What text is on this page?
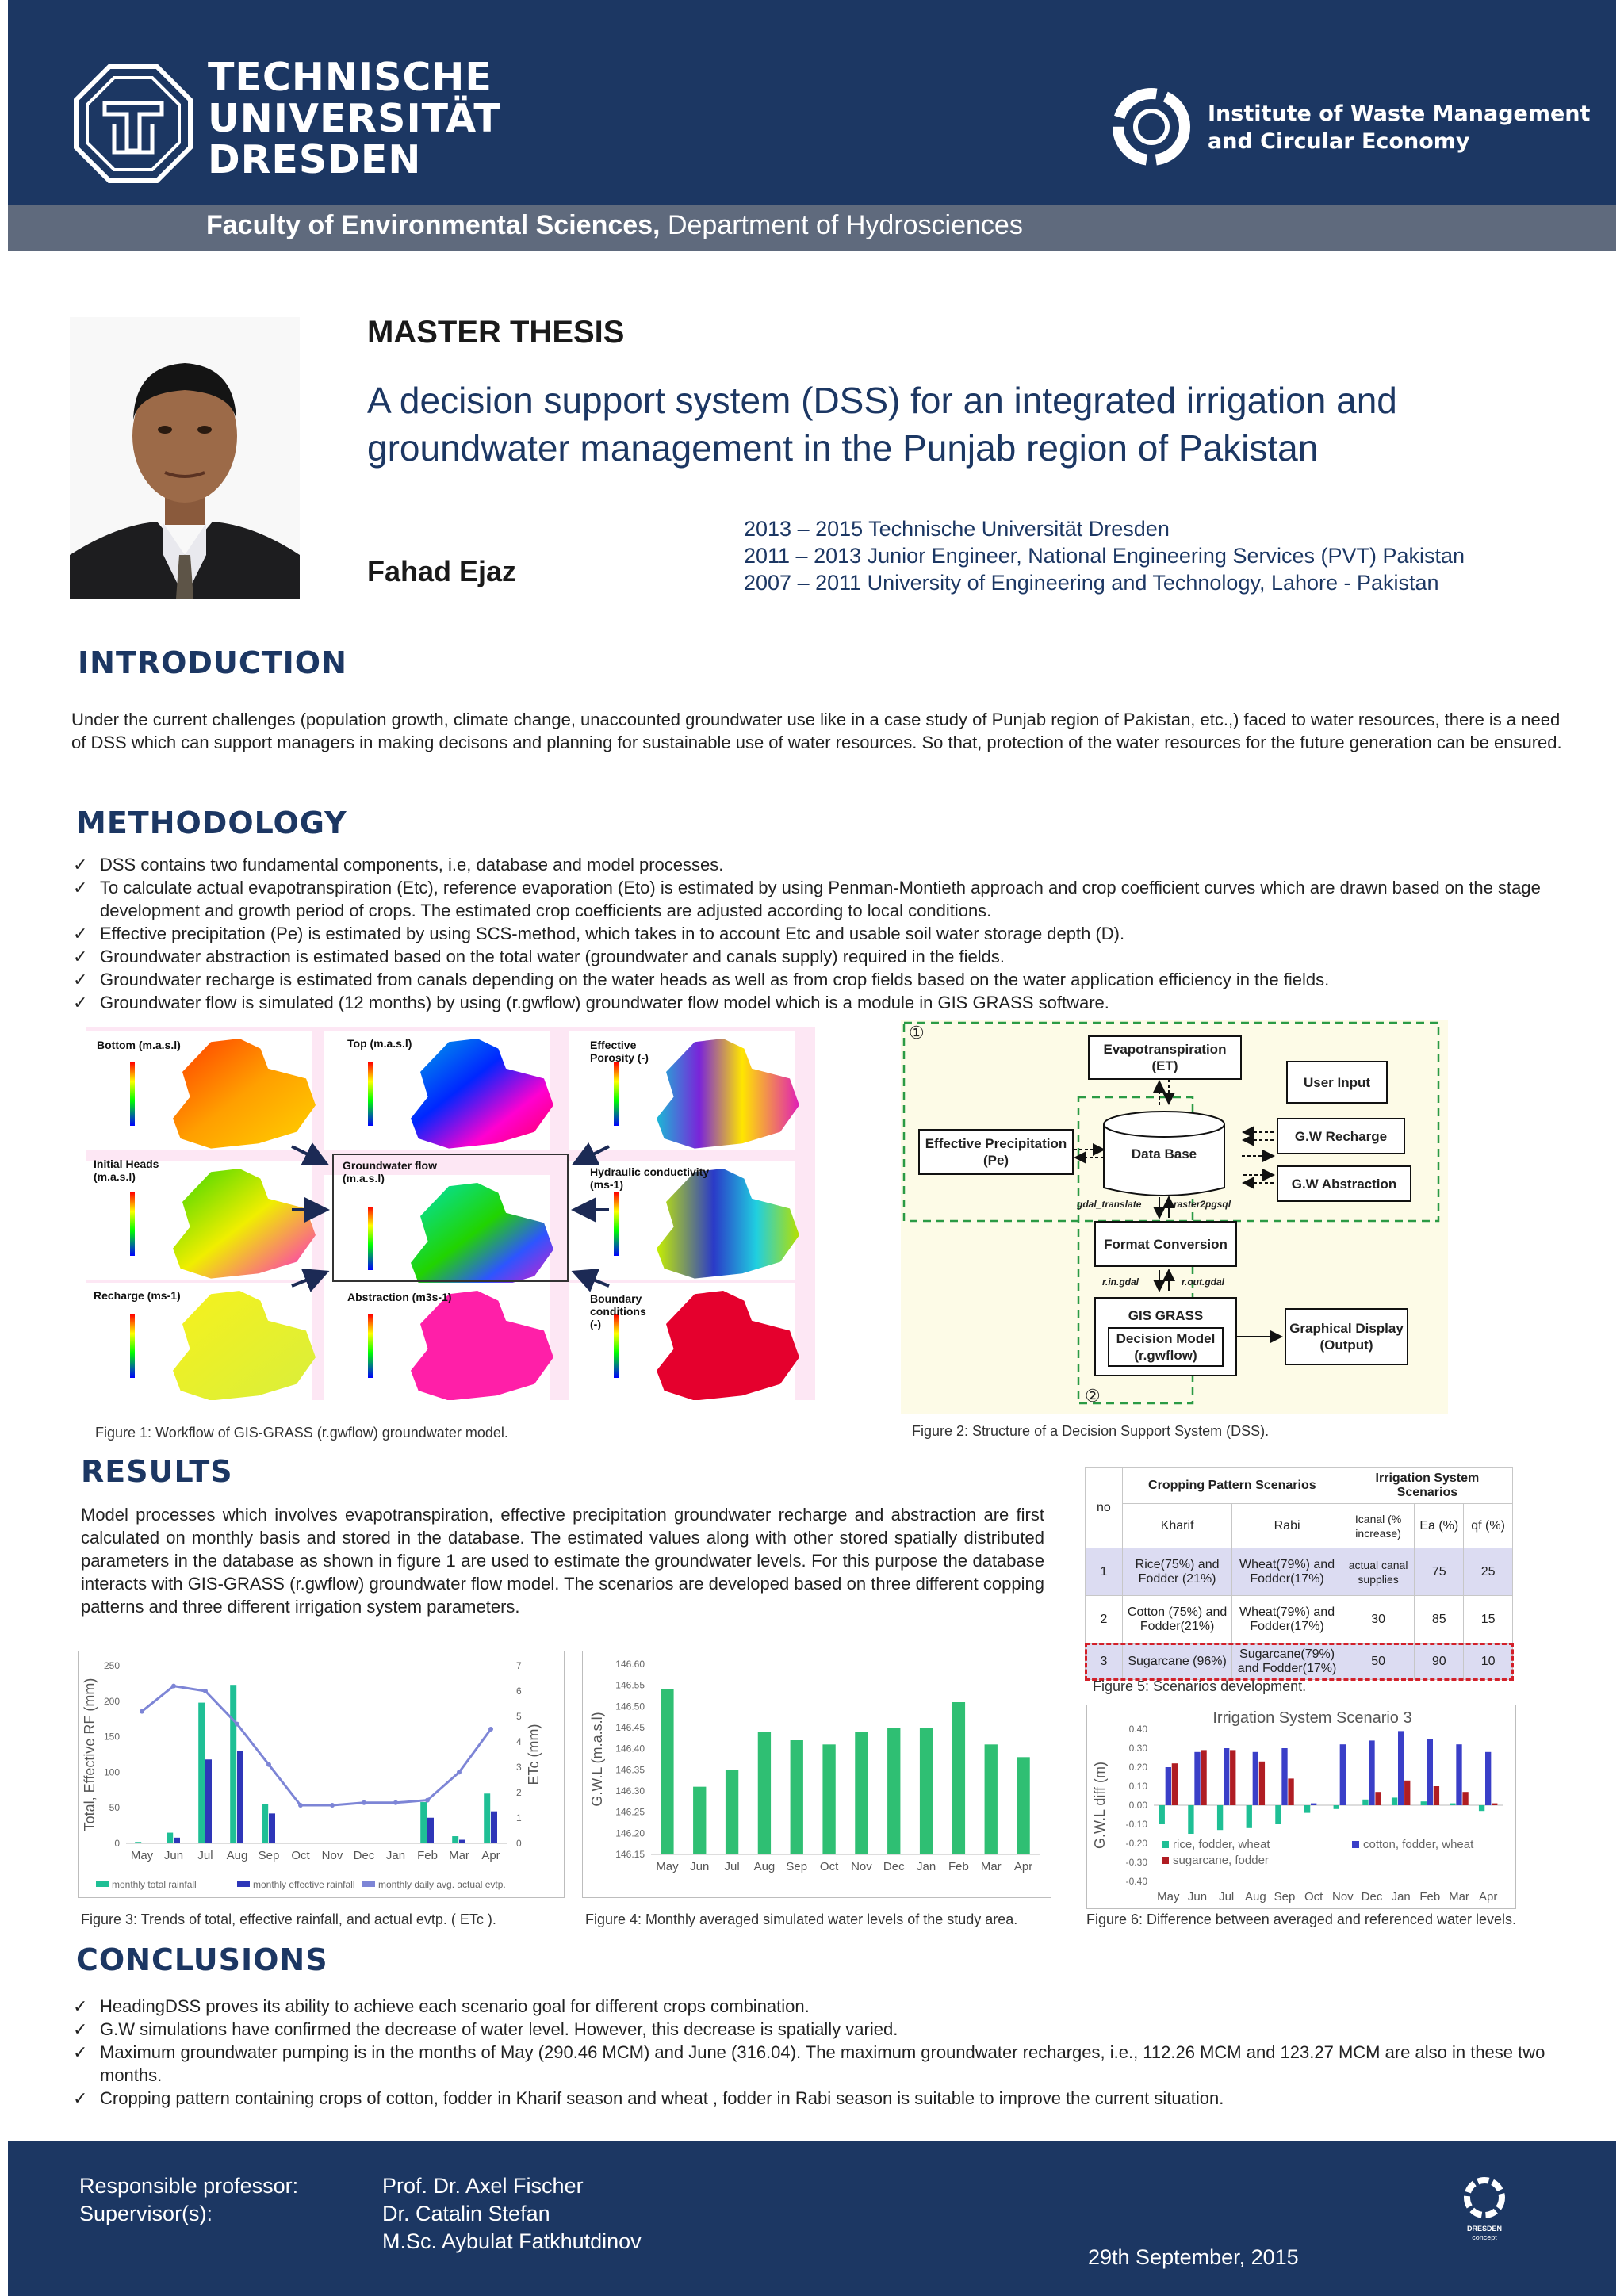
TECHNISCHE
UNIVERSITÄT
DRESDEN
Institute of Waste Management
and Circular Economy
Faculty of Environmental Sciences, Department of Hydrosciences
MASTER THESIS
A decision support system (DSS) for an integrated irrigation and groundwater management in the Punjab region of Pakistan
Fahad Ejaz
2013 – 2015 Technische Universität Dresden
2011 – 2013 Junior Engineer, National Engineering Services (PVT) Pakistan
2007 – 2011 University of Engineering and Technology, Lahore - Pakistan
INTRODUCTION
Under the current challenges (population growth, climate change, unaccounted groundwater use like in a case study of Punjab region of Pakistan, etc.,) faced to water resources, there is a need of DSS which can support managers in making decisons and planning for sustainable use of water resources. So that, protection of the water resources for the future generation can be ensured.
METHODOLOGY
✓ DSS contains two fundamental components, i.e, database and model processes.
✓ To calculate actual evapotranspiration (Etc), reference evaporation (Eto) is estimated by using Penman-Montieth approach and crop coefficient curves which are drawn based on the stage development and growth period of crops. The estimated crop coefficients are adjusted according to local conditions.
✓ Effective precipitation (Pe) is estimated by using SCS-method, which takes in to account Etc and usable soil water storage depth (D).
✓ Groundwater abstraction is estimated based on the total water (groundwater and canals supply) required in the fields.
✓ Groundwater recharge is estimated from canals depending on the water heads as well as from crop fields based on the water application efficiency in the fields.
✓ Groundwater flow is simulated (12 months) by using (r.gwflow) groundwater flow model which is a module in GIS GRASS software.
Bottom (m.a.s.l)	Top (m.a.s.l)	Effective Porosity (-)
Initial Heads (m.a.s.l)
Groundwater flow (m.a.s.l)	Hydraulic conductivity (ms-1)
Recharge (ms-1)	Abstraction (m3s-1)	Boundary conditions (-)
Figure 1: Workflow of GIS-GRASS (r.gwflow) groundwater model.
①
②
Evapotranspiration (ET)
User Input
G.W Recharge
G.W Abstraction
Effective Precipitation (Pe)	Data Base
gdal_translate	raster2pgsql
Format Conversion
r.in.gdal	r.out.gdal
GIS GRASS
Decision Model (r.gwflow)
Graphical Display (Output)
Figure 2: Structure of a Decision Support System (DSS).
RESULTS
Model processes which involves evapotranspiration, effective precipitation groundwater recharge and abstraction are first calculated on monthly basis and stored in the database. The estimated values along with other stored spatially distributed parameters in the database as shown in figure 1 are used to estimate the groundwater levels. For this purpose the database interacts with GIS-GRASS (r.gwflow) groundwater flow model. The scenarios are developed based on three different copping patterns and three different irrigation system parameters.
no	Cropping Pattern Scenarios		Irrigation System Scenarios		
	Kharif	Rabi	Icanal (% increase)	Ea (%)	qf (%)
1	Rice(75%) and Fodder (21%)	Wheat(79%) and Fodder(17%)	actual canal supplies	75	25
2	Cotton (75%) and Fodder(21%)	Wheat(79%) and Fodder(17%)	30	85	15
3	Sugarcane (96%)	Sugarcane(79%) and Fodder(17%)	50	90	10
Figure 5: Scenarios development.
0
50
100
150
200
250
0
1
2
3
4
5
6
7
May Jun Jul Aug Sep Oct Nov Dec Jan Feb Mar Apr
Total, Effective RF (mm)	ETc (mm)
monthly total rainfall	monthly effective rainfall monthly daily avg. actual evtp.
Figure 3: Trends of total, effective rainfall, and actual evtp. ( ETc ).
146.60
146.55
146.50
146.45
146.40
146.35
146.30
146.25
146.20
146.15
May Jun Jul Aug Sep Oct Nov Dec Jan Feb Mar Apr
G.W.L (m.a.s.l)
Figure 4: Monthly averaged simulated water levels of the study area.
Irrigation System Scenario 3
0.40
0.30
0.20
0.10
0.00
-0.10
-0.20
-0.30
-0.40
May Jun Jul Aug Sep Oct Nov Dec Jan Feb Mar Apr
G.W.L diff (m)	rice, fodder, wheat	cotton, fodder, wheat
sugarcane, fodder
Figure 6: Difference between averaged and referenced water levels.
CONCLUSIONS
✓ HeadingDSS proves its ability to achieve each scenario goal for different crops combination.
✓ G.W simulations have confirmed the decrease of water level. However, this decrease is spatially varied.
✓ Maximum groundwater pumping is in the months of May (290.46 MCM) and June (316.04). The maximum groundwater recharges, i.e., 112.26 MCM and 123.27 MCM are also in these two months.
✓ Cropping pattern containing crops of cotton, fodder in Kharif season and wheat , fodder in Rabi season is suitable to improve the current situation.
Responsible professor:
Supervisor(s):
Prof. Dr. Axel Fischer
Dr. Catalin Stefan
M.Sc. Aybulat Fatkhutdinov
29th September, 2015
DRESDEN
concept
